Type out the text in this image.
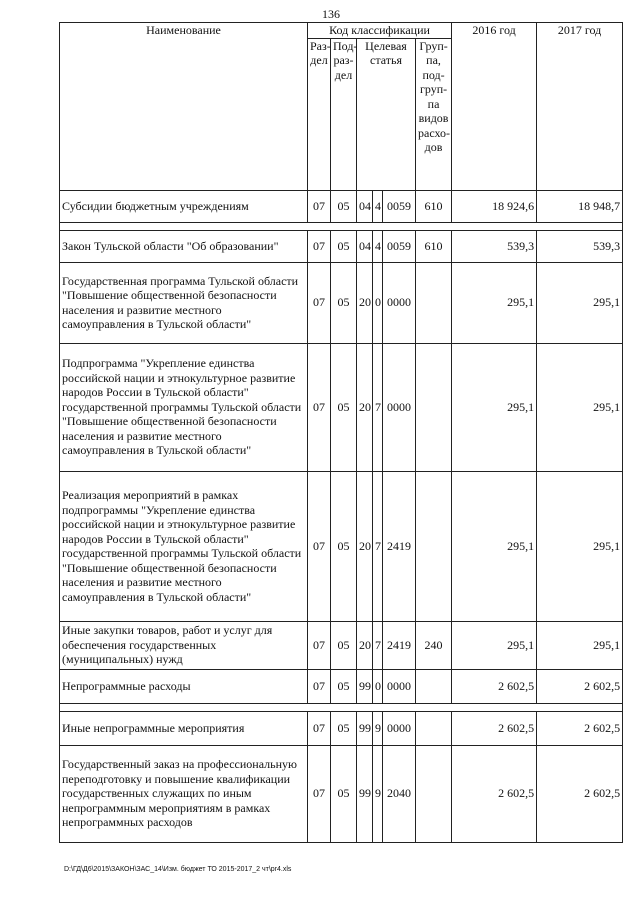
136
Наименование	Код классификации						2016 год	2017 год
	Раз-дел	Под-раз-дел	Целевая статья			Груп-па, под-груп-па видов расхо-дов		
Субсидии бюджетным учреждениям	07	05	04	4	0059	610	18 924,6	18 948,7

Закон Тульской области "Об образовании"	07	05	04	4	0059	610	539,3	539,3
Государственная программа Тульской области "Повышение общественной безопасности населения и развитие местного самоуправления в Тульской области"	07	05	20	0	0000		295,1	295,1
Подпрограмма "Укрепление единства российской нации и этнокультурное развитие народов России в Тульской области" государственной программы Тульской области "Повышение общественной безопасности населения и развитие местного самоуправления в Тульской области"	07	05	20	7	0000		295,1	295,1
Реализация мероприятий в рамках подпрограммы "Укрепление единства российской нации и этнокультурное развитие народов России в Тульской области" государственной программы Тульской области "Повышение общественной безопасности населения и развитие местного самоуправления в Тульской области"	07	05	20	7	2419		295,1	295,1
Иные закупки товаров, работ и услуг для обеспечения государственных (муниципальных) нужд	07	05	20	7	2419	240	295,1	295,1
Непрограммные расходы	07	05	99	0	0000		2 602,5	2 602,5

Иные непрограммные мероприятия	07	05	99	9	0000		2 602,5	2 602,5
Государственный заказ на профессиональную переподготовку и повышение квалификации государственных служащих по иным непрограммным мероприятиям в рамках непрограммных расходов	07	05	99	9	2040		2 602,5	2 602,5
D:\ГД\Д6\2015\ЗАКОН\ЗАС_14\Изм. бюджет ТО 2015-2017_2 чт\pr4.xls
